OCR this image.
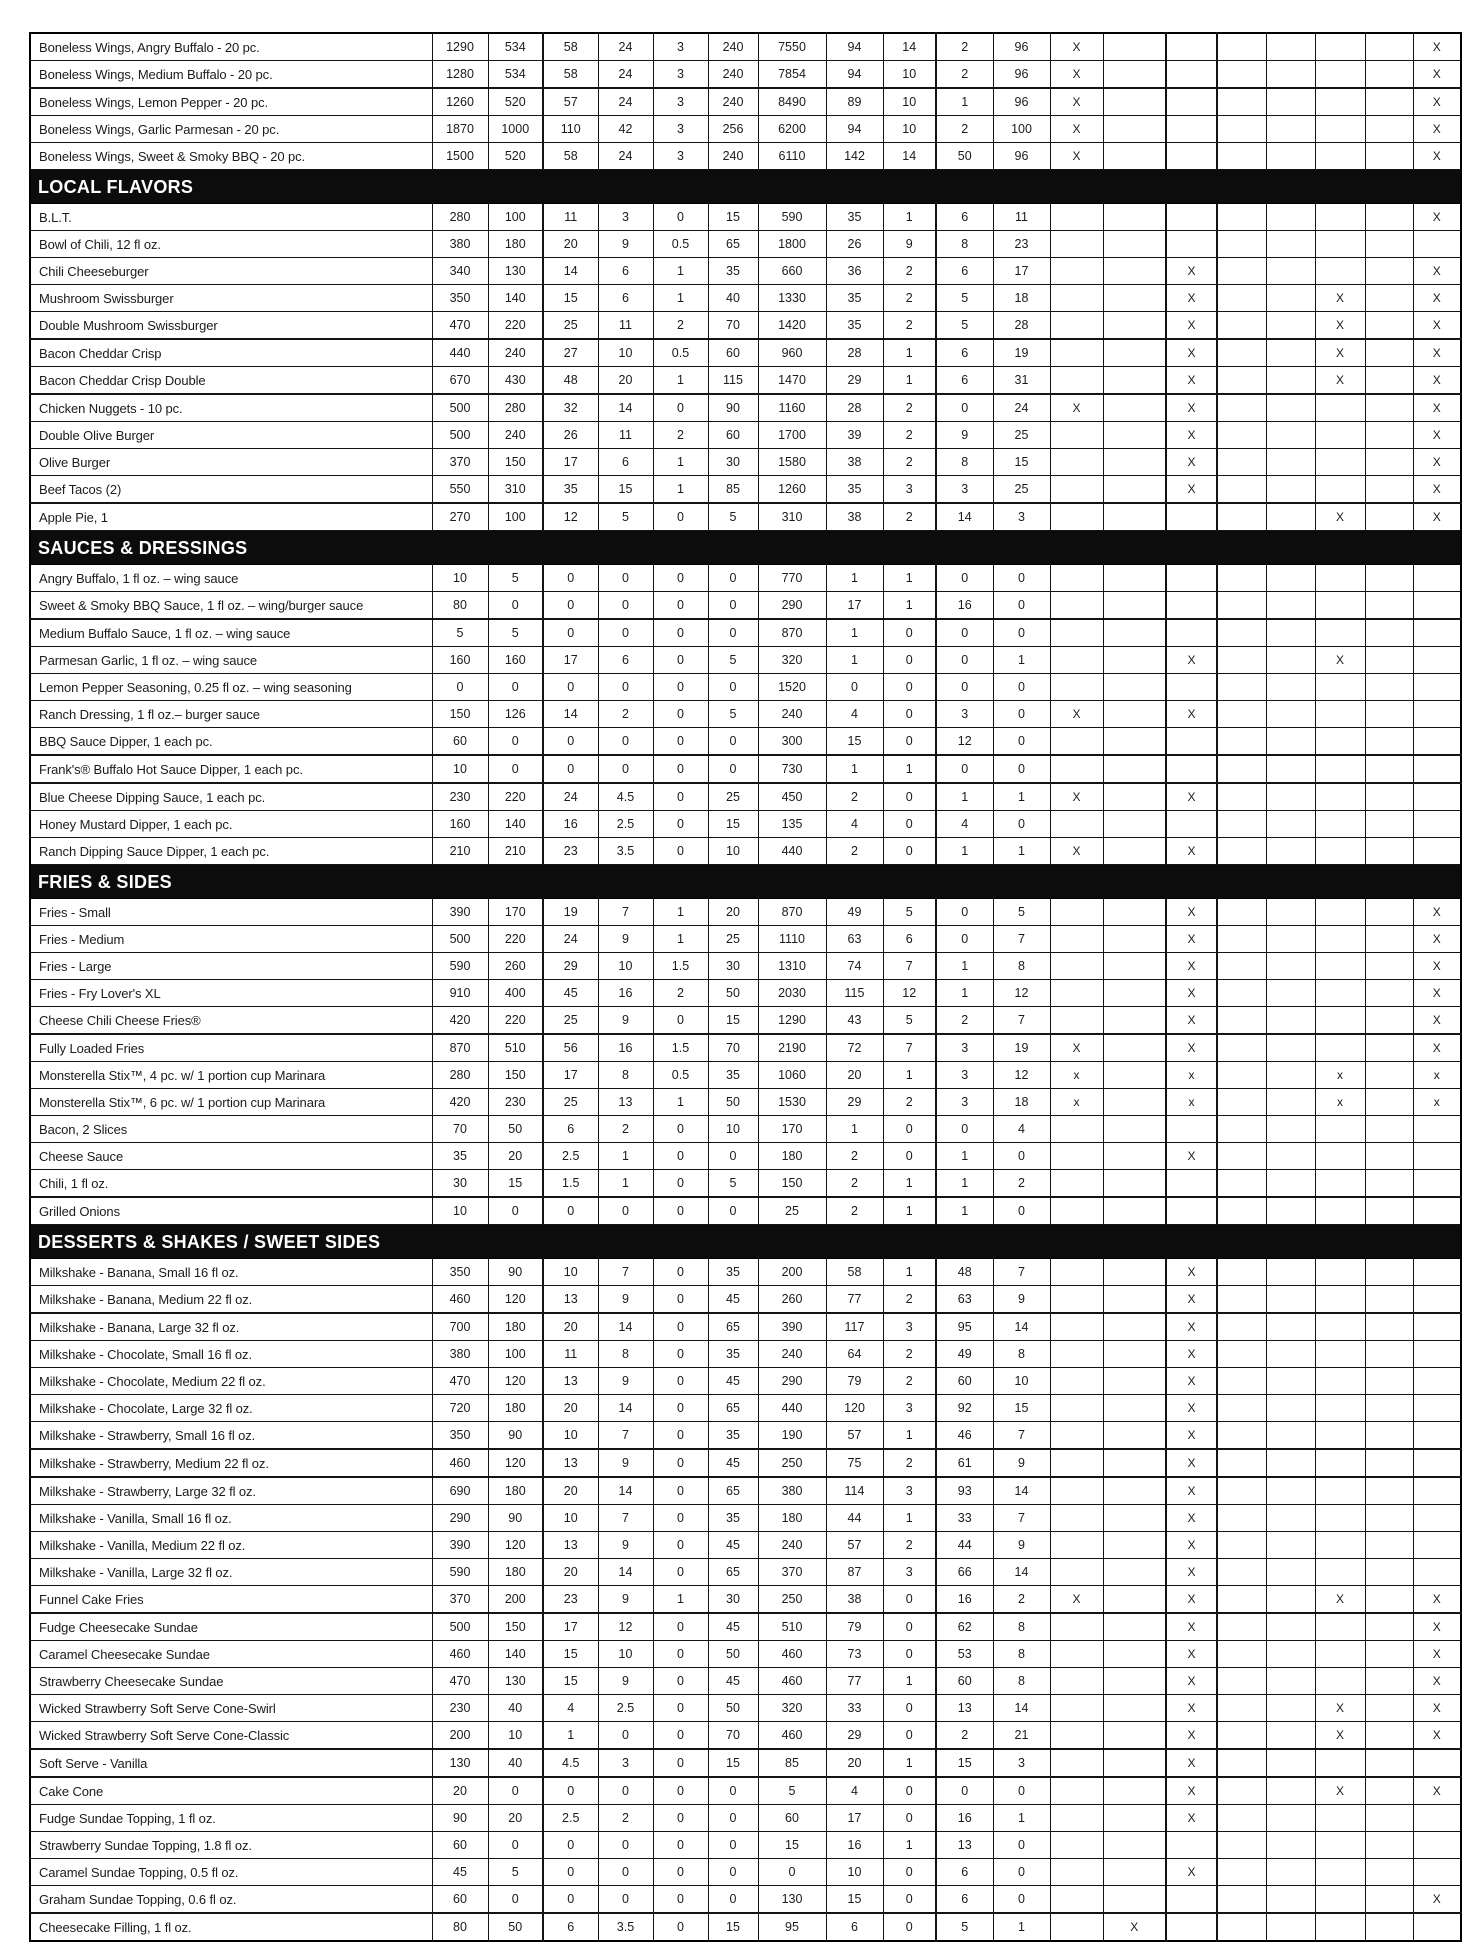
Boneless Wings, Angry Buffalo - 20 pc.	1290	534	58	24	3	240	7550	94	14	2	96	X							X
Boneless Wings, Medium Buffalo - 20 pc.	1280	534	58	24	3	240	7854	94	10	2	96	X							X
Boneless Wings, Lemon Pepper - 20 pc.	1260	520	57	24	3	240	8490	89	10	1	96	X							X
Boneless Wings, Garlic Parmesan - 20 pc.	1870	1000	110	42	3	256	6200	94	10	2	100	X							X
Boneless Wings, Sweet & Smoky BBQ - 20 pc.	1500	520	58	24	3	240	6110	142	14	50	96	X							X
LOCAL FLAVORS																			
B.L.T.	280	100	11	3	0	15	590	35	1	6	11								X
Bowl of Chili, 12 fl oz.	380	180	20	9	0.5	65	1800	26	9	8	23								
Chili Cheeseburger	340	130	14	6	1	35	660	36	2	6	17			X					X
Mushroom Swissburger	350	140	15	6	1	40	1330	35	2	5	18			X			X		X
Double Mushroom Swissburger	470	220	25	11	2	70	1420	35	2	5	28			X			X		X
Bacon Cheddar Crisp	440	240	27	10	0.5	60	960	28	1	6	19			X			X		X
Bacon Cheddar Crisp Double	670	430	48	20	1	115	1470	29	1	6	31			X			X		X
Chicken Nuggets - 10 pc.	500	280	32	14	0	90	1160	28	2	0	24	X		X					X
Double Olive Burger	500	240	26	11	2	60	1700	39	2	9	25			X					X
Olive Burger	370	150	17	6	1	30	1580	38	2	8	15			X					X
Beef Tacos (2)	550	310	35	15	1	85	1260	35	3	3	25			X					X
Apple Pie, 1	270	100	12	5	0	5	310	38	2	14	3						X		X
SAUCES & DRESSINGS																			
Angry Buffalo, 1 fl oz. – wing sauce	10	5	0	0	0	0	770	1	1	0	0								
Sweet & Smoky BBQ Sauce, 1 fl oz. – wing/burger sauce	80	0	0	0	0	0	290	17	1	16	0								
Medium Buffalo Sauce, 1 fl oz. – wing sauce	5	5	0	0	0	0	870	1	0	0	0								
Parmesan Garlic, 1 fl oz. – wing sauce	160	160	17	6	0	5	320	1	0	0	1			X			X		
Lemon Pepper Seasoning, 0.25 fl oz. – wing seasoning	0	0	0	0	0	0	1520	0	0	0	0								
Ranch Dressing, 1 fl oz.– burger sauce	150	126	14	2	0	5	240	4	0	3	0	X		X					
BBQ Sauce Dipper, 1 each pc.	60	0	0	0	0	0	300	15	0	12	0								
Frank's® Buffalo Hot Sauce Dipper, 1 each pc.	10	0	0	0	0	0	730	1	1	0	0								
Blue Cheese Dipping Sauce, 1 each pc.	230	220	24	4.5	0	25	450	2	0	1	1	X		X					
Honey Mustard Dipper, 1 each pc.	160	140	16	2.5	0	15	135	4	0	4	0								
Ranch Dipping Sauce Dipper, 1 each pc.	210	210	23	3.5	0	10	440	2	0	1	1	X		X					
FRIES & SIDES																			
Fries - Small	390	170	19	7	1	20	870	49	5	0	5			X					X
Fries - Medium	500	220	24	9	1	25	1110	63	6	0	7			X					X
Fries - Large	590	260	29	10	1.5	30	1310	74	7	1	8			X					X
Fries - Fry Lover's XL	910	400	45	16	2	50	2030	115	12	1	12			X					X
Cheese Chili Cheese Fries®	420	220	25	9	0	15	1290	43	5	2	7			X					X
Fully Loaded Fries	870	510	56	16	1.5	70	2190	72	7	3	19	X		X					X
Monsterella Stix™, 4 pc. w/ 1 portion cup Marinara	280	150	17	8	0.5	35	1060	20	1	3	12	x		x			x		x
Monsterella Stix™, 6 pc. w/ 1 portion cup Marinara	420	230	25	13	1	50	1530	29	2	3	18	x		x			x		x
Bacon, 2 Slices	70	50	6	2	0	10	170	1	0	0	4								
Cheese Sauce	35	20	2.5	1	0	0	180	2	0	1	0			X					
Chili, 1 fl oz.	30	15	1.5	1	0	5	150	2	1	1	2								
Grilled Onions	10	0	0	0	0	0	25	2	1	1	0								
DESSERTS & SHAKES / SWEET SIDES																			
Milkshake - Banana, Small 16 fl oz.	350	90	10	7	0	35	200	58	1	48	7			X					
Milkshake - Banana, Medium 22 fl oz.	460	120	13	9	0	45	260	77	2	63	9			X					
Milkshake - Banana, Large 32 fl oz.	700	180	20	14	0	65	390	117	3	95	14			X					
Milkshake - Chocolate, Small 16 fl oz.	380	100	11	8	0	35	240	64	2	49	8			X					
Milkshake - Chocolate, Medium 22 fl oz.	470	120	13	9	0	45	290	79	2	60	10			X					
Milkshake - Chocolate, Large 32 fl oz.	720	180	20	14	0	65	440	120	3	92	15			X					
Milkshake - Strawberry, Small 16 fl oz.	350	90	10	7	0	35	190	57	1	46	7			X					
Milkshake - Strawberry, Medium 22 fl oz.	460	120	13	9	0	45	250	75	2	61	9			X					
Milkshake - Strawberry, Large 32 fl oz.	690	180	20	14	0	65	380	114	3	93	14			X					
Milkshake - Vanilla, Small 16 fl oz.	290	90	10	7	0	35	180	44	1	33	7			X					
Milkshake - Vanilla, Medium 22 fl oz.	390	120	13	9	0	45	240	57	2	44	9			X					
Milkshake - Vanilla, Large 32 fl oz.	590	180	20	14	0	65	370	87	3	66	14			X					
Funnel Cake Fries	370	200	23	9	1	30	250	38	0	16	2	X		X			X		X
Fudge Cheesecake Sundae	500	150	17	12	0	45	510	79	0	62	8			X					X
Caramel Cheesecake Sundae	460	140	15	10	0	50	460	73	0	53	8			X					X
Strawberry Cheesecake Sundae	470	130	15	9	0	45	460	77	1	60	8			X					X
Wicked Strawberry Soft Serve Cone-Swirl	230	40	4	2.5	0	50	320	33	0	13	14			X			X		X
Wicked Strawberry Soft Serve Cone-Classic	200	10	1	0	0	70	460	29	0	2	21			X			X		X
Soft Serve - Vanilla	130	40	4.5	3	0	15	85	20	1	15	3			X					
Cake Cone	20	0	0	0	0	0	5	4	0	0	0			X			X		X
Fudge Sundae Topping, 1 fl oz.	90	20	2.5	2	0	0	60	17	0	16	1			X					
Strawberry Sundae Topping, 1.8 fl oz.	60	0	0	0	0	0	15	16	1	13	0								
Caramel Sundae Topping, 0.5 fl oz.	45	5	0	0	0	0	0	10	0	6	0			X					
Graham Sundae Topping, 0.6 fl oz.	60	0	0	0	0	0	130	15	0	6	0								X
Cheesecake Filling, 1 fl oz.	80	50	6	3.5	0	15	95	6	0	5	1		X						
